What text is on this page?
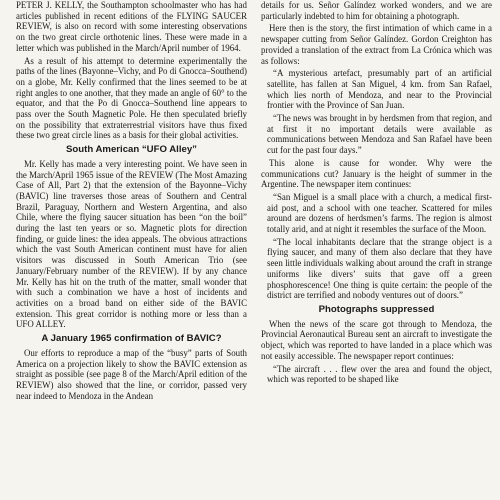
PETER J. KELLY, the Southampton schoolmaster who has had articles published in recent editions of the FLYING SAUCER REVIEW, is also on record with some interesting observations on the two great circle orthotenic lines. These were made in a letter which was published in the March/April number of 1964.

As a result of his attempt to determine experimentally the paths of the lines (Bayonne–Vichy, and Po di Gnocca–Southend) on a globe, Mr. Kelly confirmed that the lines seemed to be at right angles to one another, that they made an angle of 60° to the equator, and that the Po di Gnocca–Southend line appears to pass over the South Magnetic Pole. He then speculated briefly on the possibility that extraterrestrial visitors have thus fixed these two great circle lines as a basis for their global activities.

South American “UFO Alley”

Mr. Kelly has made a very interesting point. We have seen in the March/April 1965 issue of the REVIEW (The Most Amazing Case of All, Part 2) that the extension of the Bayonne–Vichy (BAVIC) line traverses those areas of Southern and Central Brazil, Paraguay, Northern and Western Argentina, and also Chile, where the flying saucer situation has been “on the boil” during the last ten years or so. Magnetic plots for direction finding, or guide lines: the idea appeals. The obvious attractions which the vast South American continent must have for alien visitors was discussed in South American Trio (see January/February number of the REVIEW). If by any chance Mr. Kelly has hit on the truth of the matter, small wonder that with such a combination we have a host of incidents and activities on a broad band on either side of the BAVIC extension. This great corridor is nothing more or less than a UFO ALLEY.

A January 1965 confirmation of BAVIC?

Our efforts to reproduce a map of the “busy” parts of South America on a projection likely to show the BAVIC extension as straight as possible (see page 8 of the March/April edition of the REVIEW) also showed that the line, or corridor, passed very near indeed to Mendoza in the Andean

details for us. Señor Galíndez worked wonders, and we are particularly indebted to him for obtaining a photograph.

Here then is the story, the first intimation of which came in a newspaper cutting from Señor Galíndez. Gordon Creighton has provided a translation of the extract from La Crónica which was as follows:

“A mysterious artefact, presumably part of an artificial satellite, has fallen at San Miguel, 4 km. from San Rafael, which lies north of Mendoza, and near to the Provincial frontier with the Province of San Juan.

“The news was brought in by herdsmen from that region, and at first it no important details were available as communications between Mendoza and San Rafael have been cut for the past four days.”

This alone is cause for wonder. Why were the communications cut? January is the height of summer in the Argentine. The newspaper item continues:

“San Miguel is a small place with a church, a medical first-aid post, and a school with one teacher. Scattered for miles around are dozens of herdsmen’s farms. The region is almost totally arid, and at night it resembles the surface of the Moon.

“The local inhabitants declare that the strange object is a flying saucer, and many of them also declare that they have seen little individuals walking about around the craft in strange uniforms like divers’ suits that gave off a green phosphorescence! One thing is quite certain: the people of the district are terrified and nobody ventures out of doors.”

Photographs suppressed

When the news of the scare got through to Mendoza, the Provincial Aeronautical Bureau sent an aircraft to investigate the object, which was reported to have landed in a place which was not easily accessible. The newspaper report continues:

“The aircraft . . . flew over the area and found the object, which was reported to be shaped like
